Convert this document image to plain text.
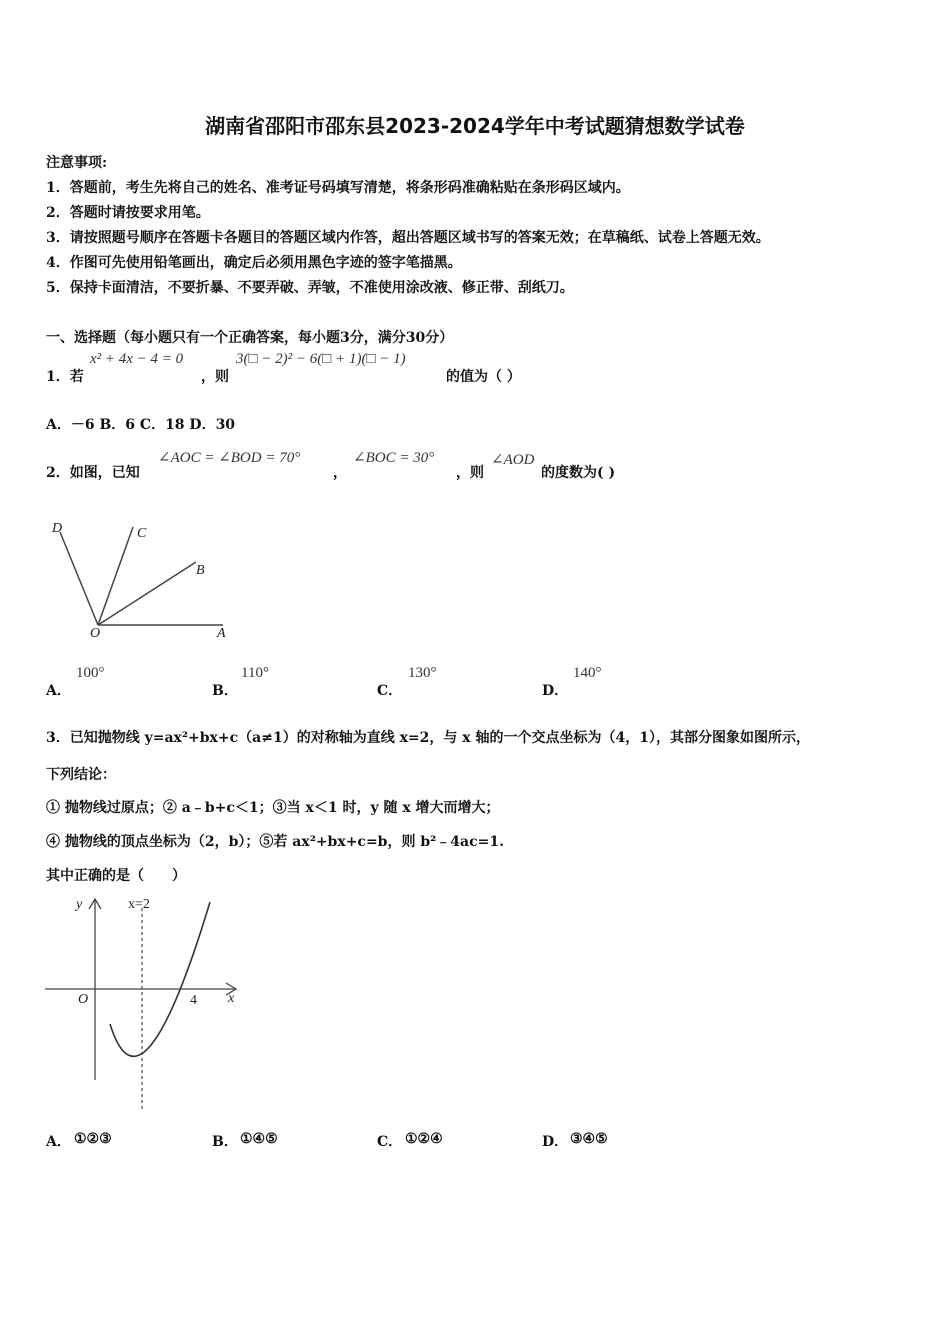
湖南省邵阳市邵东县2023-2024学年中考试题猜想数学试卷
注意事项:
1．答题前，考生先将自己的姓名、准考证号码填写清楚，将条形码准确粘贴在条形码区域内。
2．答题时请按要求用笔。
3．请按照题号顺序在答题卡各题目的答题区域内作答，超出答题区域书写的答案无效；在草稿纸、试卷上答题无效。
4．作图可先使用铅笔画出，确定后必须用黑色字迹的签字笔描黑。
5．保持卡面清洁，不要折暴、不要弄破、弄皱，不准使用涂改液、修正带、刮纸刀。
一、选择题（每小题只有一个正确答案，每小题3分，满分30分）
1．若
x² + 4x − 4 = 0
，则
3(□ − 2)² − 6(□ + 1)(□ − 1)
的值为（ ）
A．－6 B．6 C．18 D．30
2．如图，已知
∠AOC = ∠BOD = 70°
，
∠BOC = 30°
，则
∠AOD
的度数为( )
D	C
B
O	A
A．
100°
B．
110°
C．
130°
D．
140°
3．已知抛物线 y=ax²+bx+c（a≠1）的对称轴为直线 x=2，与 x 轴的一个交点坐标为（4，1），其部分图象如图所示，
下列结论：
① 抛物线过原点；② a﹣b+c＜1；③当 x＜1 时，y 随 x 增大而增大；
④ 抛物线的顶点坐标为（2，b）；⑤若 ax²+bx+c=b，则 b²﹣4ac=1.
其中正确的是（　　）
y	x=2
O	4 x
A． ①②③	B． ①④⑤	C． ①②④	D． ③④⑤
